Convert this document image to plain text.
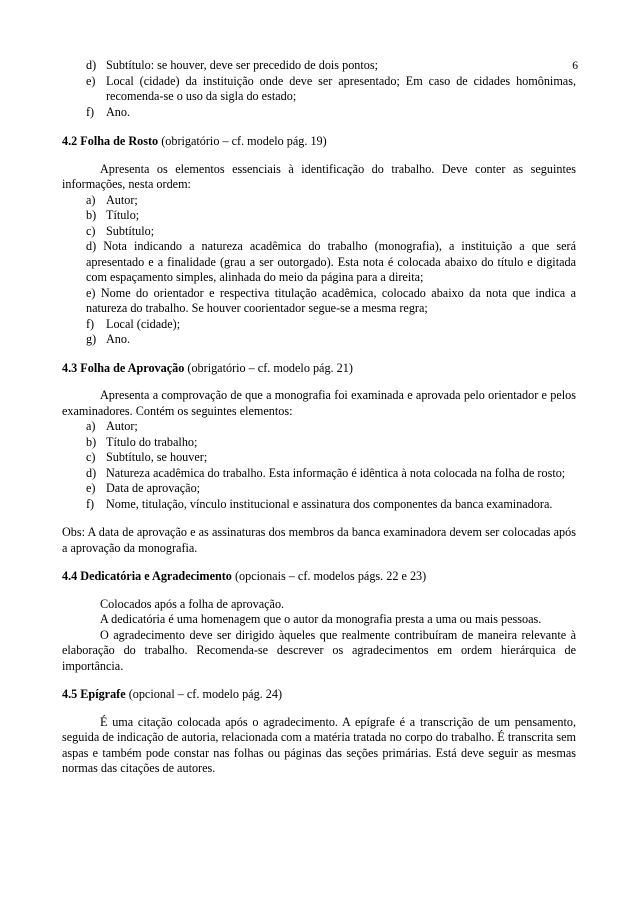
6
d) Subtítulo: se houver, deve ser precedido de dois pontos;
e) Local (cidade) da instituição onde deve ser apresentado; Em caso de cidades homônimas, recomenda-se o uso da sigla do estado;
f) Ano.
4.2 Folha de Rosto (obrigatório – cf. modelo pág. 19)
Apresenta os elementos essenciais à identificação do trabalho. Deve conter as seguintes informações, nesta ordem:
a) Autor;
b) Título;
c) Subtítulo;
d) Nota indicando a natureza acadêmica do trabalho (monografia), a instituição a que será apresentado e a finalidade (grau a ser outorgado). Esta nota é colocada abaixo do título e digitada com espaçamento simples, alinhada do meio da página para a direita;
e) Nome do orientador e respectiva titulação acadêmica, colocado abaixo da nota que indica a natureza do trabalho. Se houver coorientador segue-se a mesma regra;
f) Local (cidade);
g) Ano.
4.3 Folha de Aprovação (obrigatório – cf. modelo pág. 21)
Apresenta a comprovação de que a monografia foi examinada e aprovada pelo orientador e pelos examinadores. Contém os seguintes elementos:
a) Autor;
b) Título do trabalho;
c) Subtítulo, se houver;
d) Natureza acadêmica do trabalho. Esta informação é idêntica à nota colocada na folha de rosto;
e) Data de aprovação;
f) Nome, titulação, vínculo institucional e assinatura dos componentes da banca examinadora.
Obs: A data de aprovação e as assinaturas dos membros da banca examinadora devem ser colocadas após a aprovação da monografia.
4.4 Dedicatória e Agradecimento (opcionais – cf. modelos págs. 22 e 23)
Colocados após a folha de aprovação.
A dedicatória é uma homenagem que o autor da monografia presta a uma ou mais pessoas.
O agradecimento deve ser dirigido àqueles que realmente contribuíram de maneira relevante à elaboração do trabalho. Recomenda-se descrever os agradecimentos em ordem hierárquica de importância.
4.5 Epígrafe (opcional – cf. modelo pág. 24)
É uma citação colocada após o agradecimento. A epígrafe é a transcrição de um pensamento, seguida de indicação de autoria, relacionada com a matéria tratada no corpo do trabalho. É transcrita sem aspas e também pode constar nas folhas ou páginas das seções primárias. Está deve seguir as mesmas normas das citações de autores.
